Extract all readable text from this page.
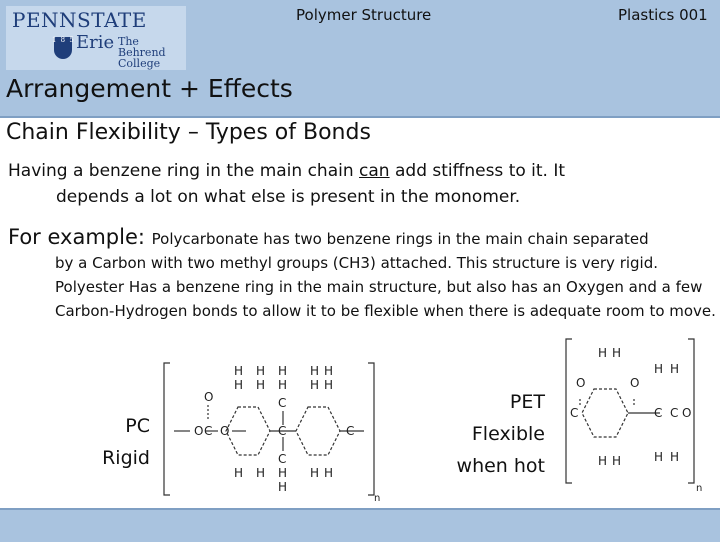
PENNSTATE
1 8 5 5
Erie The Behrend College
Polymer Structure	Plastics 001
Arrangement + Effects
Chain Flexibility – Types of Bonds
Having a benzene ring in the main chain can add stiffness to it. It
depends a lot on what else is present in the monomer.
For example: Polycarbonate has two benzene rings in the main chain separated
by a Carbon with two methyl groups (CH3) attached. This structure is very rigid. Polyester Has a benzene ring in the main structure, but also has an Oxygen and a few Carbon-Hydrogen bonds to allow it to be flexible when there is adequate room to move.
PC
Rigid
PET
Flexible
when hot
O
O
C O
H
H
H
H
H
H
C
C
C
H
H
H
H
H
H
H H	H H
C
n
O	O
C
H H
H H
C C O
H H	H H
n
